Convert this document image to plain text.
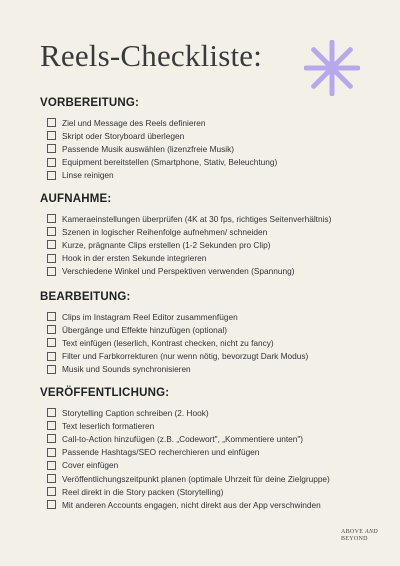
Reels-Checkliste:
VORBEREITUNG:
Ziel und Message des Reels definieren
Skript oder Storyboard überlegen
Passende Musik auswählen (lizenzfreie Musik)
Equipment bereitstellen (Smartphone, Stativ, Beleuchtung)
Linse reinigen
AUFNAHME:
Kameraeinstellungen überprüfen (4K at 30 fps, richtiges Seitenverhältnis)
Szenen in logischer Reihenfolge aufnehmen/ schneiden
Kurze, prägnante Clips erstellen (1-2 Sekunden pro Clip)
Hook in der ersten Sekunde integrieren
Verschiedene Winkel und Perspektiven verwenden (Spannung)
BEARBEITUNG:
Clips im Instagram Reel Editor zusammenfügen
Übergänge und Effekte hinzufügen (optional)
Text einfügen (leserlich, Kontrast checken, nicht zu fancy)
Filter und Farbkorrekturen (nur wenn nötig, bevorzugt Dark Modus)
Musik und Sounds synchronisieren
VERÖFFENTLICHUNG:
Storytelling Caption schreiben (2. Hook)
Text leserlich formatieren
Call-to-Action hinzufügen (z.B. „Codewort", „Kommentiere unten")
Passende Hashtags/SEO recherchieren und einfügen
Cover einfügen
Veröffentlichungszeitpunkt planen (optimale Uhrzeit für deine Zielgruppe)
Reel direkt in die Story packen (Storytelling)
Mit anderen Accounts engagen, nicht direkt aus der App verschwinden
ABOVE AND
BEYOND
